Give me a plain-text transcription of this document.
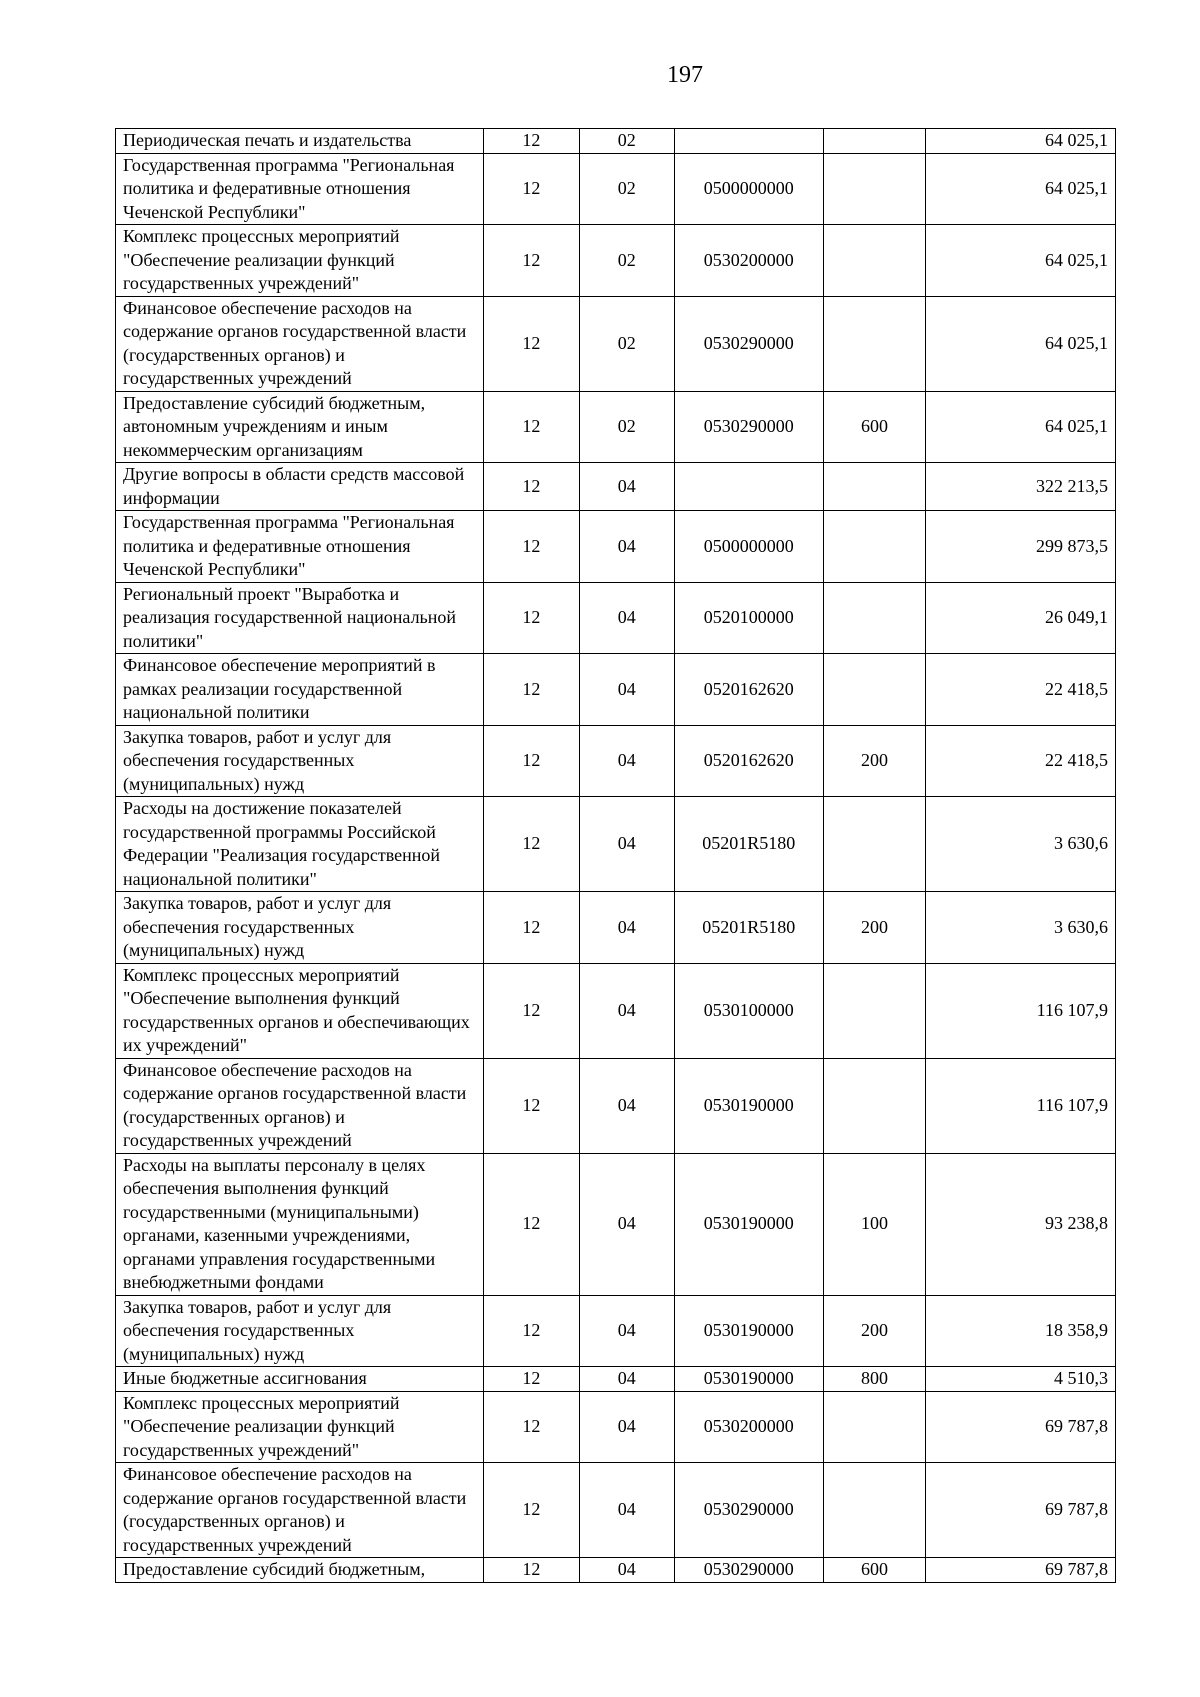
197
Периодическая печать и издательства	12	02			64 025,1
Государственная программа "Региональная политика и федеративные отношения Чеченской Республики"	12	02	0500000000		64 025,1
Комплекс процессных мероприятий "Обеспечение реализации функций государственных учреждений"	12	02	0530200000		64 025,1
Финансовое обеспечение расходов на содержание органов государственной власти (государственных органов) и государственных учреждений	12	02	0530290000		64 025,1
Предоставление субсидий бюджетным, автономным учреждениям и иным некоммерческим организациям	12	02	0530290000	600	64 025,1
Другие вопросы в области средств массовой информации	12	04			322 213,5
Государственная программа "Региональная политика и федеративные отношения Чеченской Республики"	12	04	0500000000		299 873,5
Региональный проект "Выработка и реализация государственной национальной политики"	12	04	0520100000		26 049,1
Финансовое обеспечение мероприятий в рамках реализации государственной национальной политики	12	04	0520162620		22 418,5
Закупка товаров, работ и услуг для обеспечения государственных (муниципальных) нужд	12	04	0520162620	200	22 418,5
Расходы на достижение показателей государственной программы Российской Федерации "Реализация государственной национальной политики"	12	04	05201R5180		3 630,6
Закупка товаров, работ и услуг для обеспечения государственных (муниципальных) нужд	12	04	05201R5180	200	3 630,6
Комплекс процессных мероприятий "Обеспечение выполнения функций государственных органов и обеспечивающих их учреждений"	12	04	0530100000		116 107,9
Финансовое обеспечение расходов на содержание органов государственной власти (государственных органов) и государственных учреждений	12	04	0530190000		116 107,9
Расходы на выплаты персоналу в целях обеспечения выполнения функций государственными (муниципальными) органами, казенными учреждениями, органами управления государственными внебюджетными фондами	12	04	0530190000	100	93 238,8
Закупка товаров, работ и услуг для обеспечения государственных (муниципальных) нужд	12	04	0530190000	200	18 358,9
Иные бюджетные ассигнования	12	04	0530190000	800	4 510,3
Комплекс процессных мероприятий "Обеспечение реализации функций государственных учреждений"	12	04	0530200000		69 787,8
Финансовое обеспечение расходов на содержание органов государственной власти (государственных органов) и государственных учреждений	12	04	0530290000		69 787,8
Предоставление субсидий бюджетным,	12	04	0530290000	600	69 787,8
